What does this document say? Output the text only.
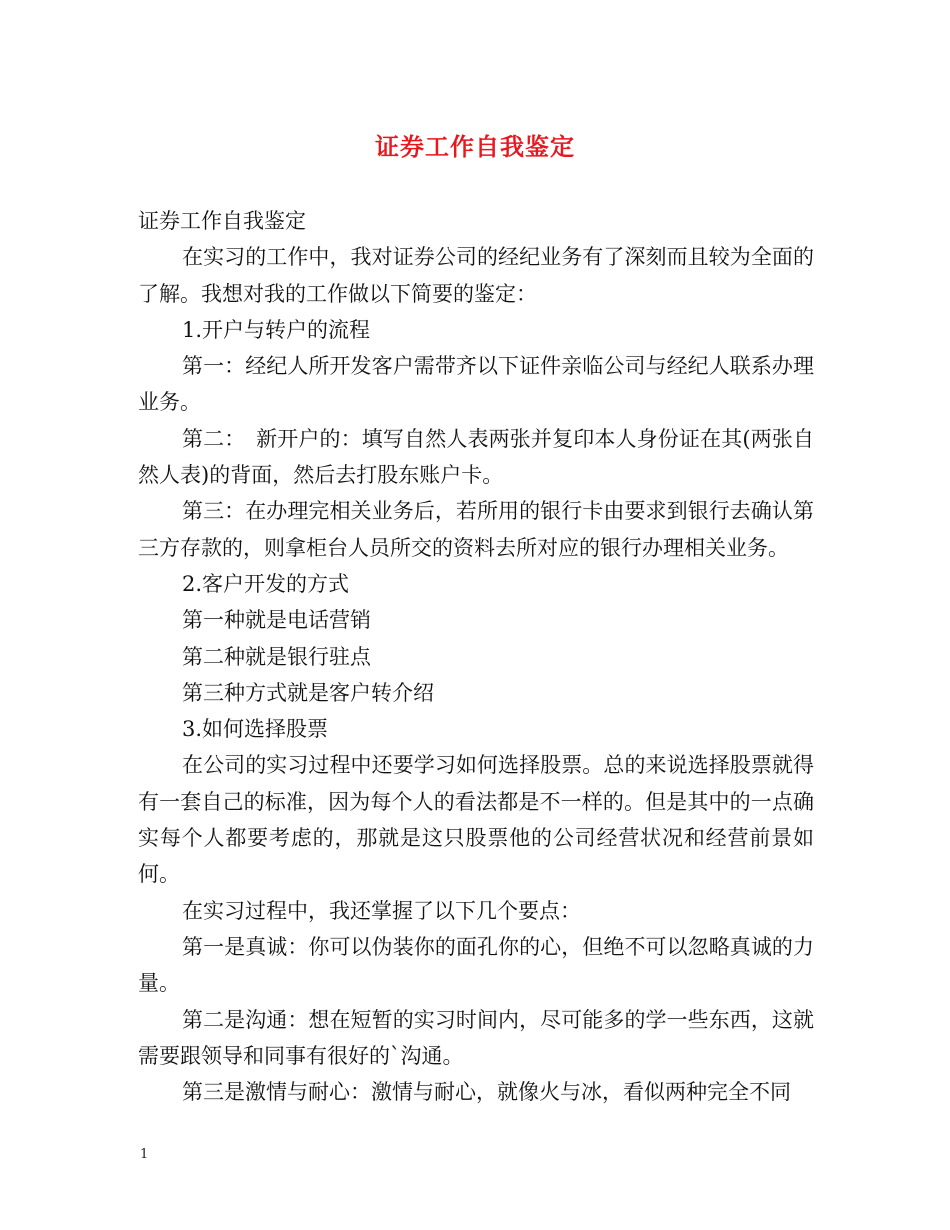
证券工作自我鉴定

证券工作自我鉴定

在实习的工作中，我对证券公司的经纪业务有了深刻而且较为全面的了解。我想对我的工作做以下简要的鉴定：

1.开户与转户的流程

第一：经纪人所开发客户需带齐以下证件亲临公司与经纪人联系办理业务。

第二：　新开户的：填写自然人表两张并复印本人身份证在其(两张自然人表)的背面，然后去打股东账户卡。

第三：在办理完相关业务后，若所用的银行卡由要求到银行去确认第三方存款的，则拿柜台人员所交的资料去所对应的银行办理相关业务。

2.客户开发的方式

第一种就是电话营销

第二种就是银行驻点

第三种方式就是客户转介绍

3.如何选择股票

在公司的实习过程中还要学习如何选择股票。总的来说选择股票就得有一套自己的标准，因为每个人的看法都是不一样的。但是其中的一点确实每个人都要考虑的，那就是这只股票他的公司经营状况和经营前景如何。

在实习过程中，我还掌握了以下几个要点：

第一是真诚：你可以伪装你的面孔你的心，但绝不可以忽略真诚的力量。

第二是沟通：想在短暂的实习时间内，尽可能多的学一些东西，这就需要跟领导和同事有很好的`沟通。

第三是激情与耐心：激情与耐心，就像火与冰，看似两种完全不同

1
